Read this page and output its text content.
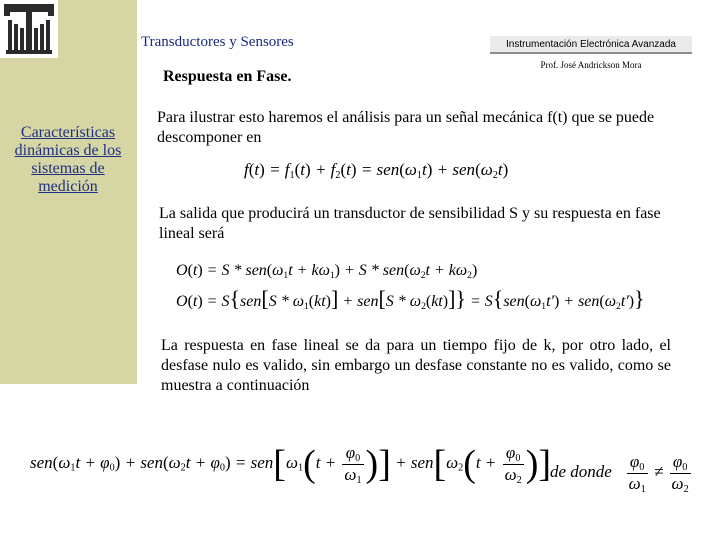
Características dinámicas de los sistemas de medición
Transductores y Sensores	Instrumentación Electrónica Avanzada
Prof. José Andrickson Mora
Respuesta en Fase.
Para ilustrar esto haremos el análisis para un señal mecánica f(t) que se puede descomponer en
$f(t) = f_1(t) + f_2(t) = sen(\omega_1t) + sen(\omega_2t)$
La salida que producirá un transductor de sensibilidad S y su respuesta en fase lineal será
$O(t) = S * sen(\omega_1t + k\omega_1) + S * sen(\omega_2t + k\omega_2)$
$O(t) = S\{sen[S * \omega_1(kt)] + sen[S * \omega_2(kt)]\} = S\{sen(\omega_1t') + sen(\omega_2t')\}$
La respuesta en fase lineal se da para un tiempo fijo de k, por otro lado, el desfase nulo es valido, sin embargo un desfase constante no es valido, como se muestra a continuación
$sen(\omega_1t + \varphi_0) + sen(\omega_2t + \varphi_0) = sen[\omega_1(t + \frac{\varphi_0}{\omega_1}$ )] + $sen[\omega_2(t + \frac{\varphi_0}{\omega_2}$ )]
de donde $\frac{\varphi_0}{\omega_1} \ne \frac{\varphi_0}{\omega_2}$
